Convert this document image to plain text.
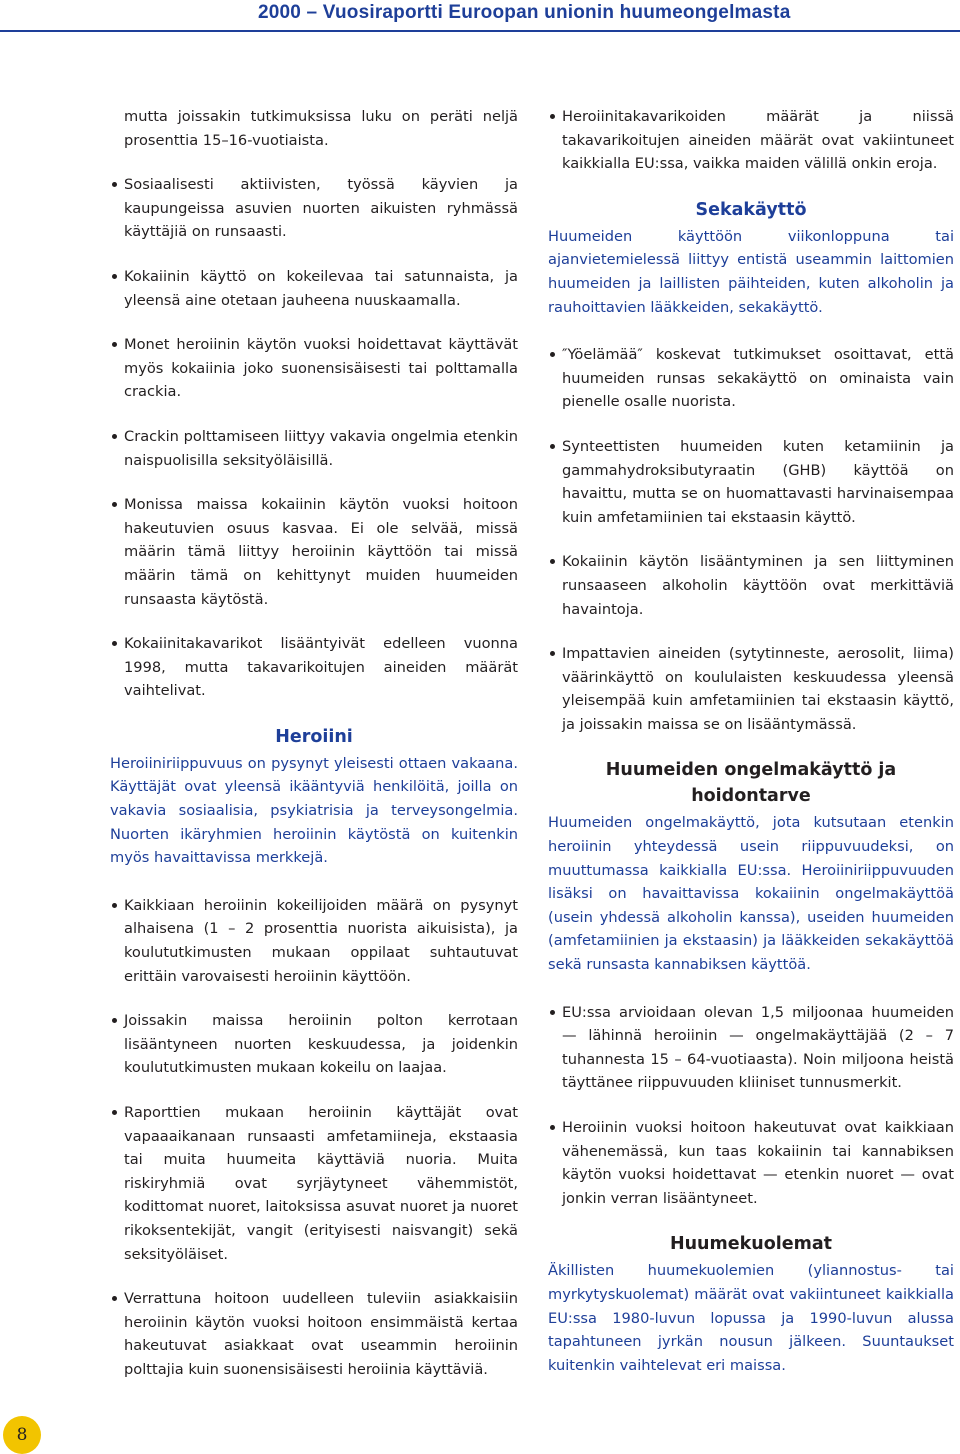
2000 – Vuosiraportti Euroopan unionin huumeongelmasta

mutta joissakin tutkimuksissa luku on peräti neljä prosenttia 15–16-vuotiaista.

Sosiaalisesti aktiivisten, työssä käyvien ja kaupungeissa asuvien nuorten aikuisten ryhmässä käyttäjiä on runsaasti.

Kokaiinin käyttö on kokeilevaa tai satunnaista, ja yleensä aine otetaan jauheena nuuskaamalla.

Monet heroiinin käytön vuoksi hoidettavat käyttävät myös kokaiinia joko suonensisäisesti tai polttamalla crackia.

Crackin polttamiseen liittyy vakavia ongelmia etenkin naispuolisilla seksityöläisillä.

Monissa maissa kokaiinin käytön vuoksi hoitoon hakeutuvien osuus kasvaa. Ei ole selvää, missä määrin tämä liittyy heroiinin käyttöön tai missä määrin tämä on kehittynyt muiden huumeiden runsaasta käytöstä.

Kokaiinitakavarikot lisääntyivät edelleen vuonna 1998, mutta takavarikoitujen aineiden määrät vaihtelivat.

Heroiini

Heroiiniriippuvuus on pysynyt yleisesti ottaen vakaana. Käyttäjät ovat yleensä ikääntyviä henkilöitä, joilla on vakavia sosiaalisia, psykiatrisia ja terveysongelmia. Nuorten ikäryhmien heroiinin käytöstä on kuitenkin myös havaittavissa merkkejä.

Kaikkiaan heroiinin kokeilijoiden määrä on pysynyt alhaisena (1 – 2 prosenttia nuorista aikuisista), ja koulututkimusten mukaan oppilaat suhtautuvat erittäin varovaisesti heroiinin käyttöön.

Joissakin maissa heroiinin polton kerrotaan lisääntyneen nuorten keskuudessa, ja joidenkin koulututkimusten mukaan kokeilu on laajaa.

Raporttien mukaan heroiinin käyttäjät ovat vapaaaikanaan runsaasti amfetamiineja, ekstaasia tai muita huumeita käyttäviä nuoria. Muita riskiryhmiä ovat syrjäytyneet vähemmistöt, kodittomat nuoret, laitoksissa asuvat nuoret ja nuoret rikoksentekijät, vangit (erityisesti naisvangit) sekä seksityöläiset.

Verrattuna hoitoon uudelleen tuleviin asiakkaisiin heroiinin käytön vuoksi hoitoon ensimmäistä kertaa hakeutuvat asiakkaat ovat useammin heroiinin polttajia kuin suonensisäisesti heroiinia käyttäviä.

Heroiinitakavarikoiden määrät ja niissä takavarikoitujen aineiden määrät ovat vakiintuneet kaikkialla EU:ssa, vaikka maiden välillä onkin eroja.

Sekakäyttö

Huumeiden käyttöön viikonloppuna tai ajanvietemielessä liittyy entistä useammin laittomien huumeiden ja laillisten päihteiden, kuten alkoholin ja rauhoittavien lääkkeiden, sekakäyttö.

″Yöelämää″ koskevat tutkimukset osoittavat, että huumeiden runsas sekakäyttö on ominaista vain pienelle osalle nuorista.

Synteettisten huumeiden kuten ketamiinin ja gammahydroksibutyraatin (GHB) käyttöä on havaittu, mutta se on huomattavasti harvinaisempaa kuin amfetamiinien tai ekstaasin käyttö.

Kokaiinin käytön lisääntyminen ja sen liittyminen runsaaseen alkoholin käyttöön ovat merkittäviä havaintoja.

Impattavien aineiden (sytytinneste, aerosolit, liima) väärinkäyttö on koululaisten keskuudessa yleensä yleisempää kuin amfetamiinien tai ekstaasin käyttö, ja joissakin maissa se on lisääntymässä.

Huumeiden ongelmakäyttö ja hoidontarve

Huumeiden ongelmakäyttö, jota kutsutaan etenkin heroiinin yhteydessä usein riippuvuudeksi, on muuttumassa kaikkialla EU:ssa. Heroiiniriippuvuuden lisäksi on havaittavissa kokaiinin ongelmakäyttöä (usein yhdessä alkoholin kanssa), useiden huumeiden (amfetamiinien ja ekstaasin) ja lääkkeiden sekakäyttöä sekä runsasta kannabiksen käyttöä.

EU:ssa arvioidaan olevan 1,5 miljoonaa huumeiden — lähinnä heroiinin — ongelmakäyttäjää (2 – 7 tuhannesta 15 – 64-vuotiaasta). Noin miljoona heistä täyttänee riippuvuuden kliiniset tunnusmerkit.

Heroiinin vuoksi hoitoon hakeutuvat ovat kaikkiaan vähenemässä, kun taas kokaiinin tai kannabiksen käytön vuoksi hoidettavat — etenkin nuoret — ovat jonkin verran lisääntyneet.

Huumekuolemat

Äkillisten huumekuolemien (yliannostus- tai myrkytyskuolemat) määrät ovat vakiintuneet kaikkialla EU:ssa 1980-luvun lopussa ja 1990-luvun alussa tapahtuneen jyrkän nousun jälkeen. Suuntaukset kuitenkin vaihtelevat eri maissa.

8
